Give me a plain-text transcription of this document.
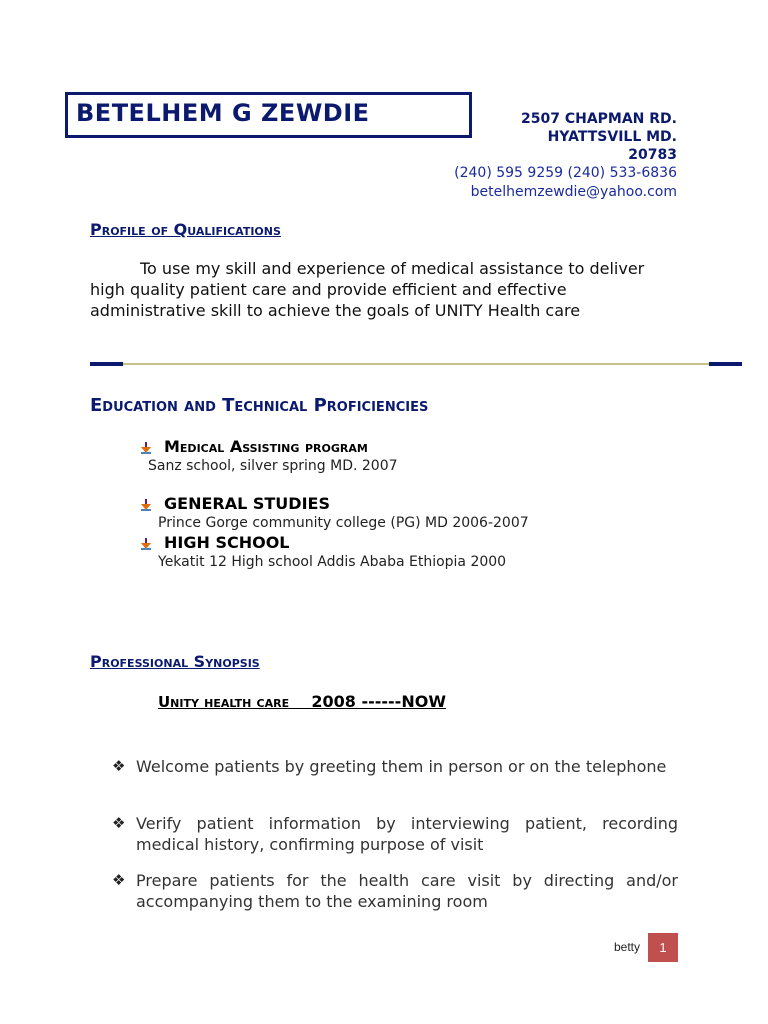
BETELHEM G ZEWDIE	2507 CHAPMAN RD.
HYATTSVILL MD.
20783
(240) 595 9259 (240) 533-6836
betelhemzewdie@yahoo.com
Profile of Qualifications
To use my skill and experience of medical assistance to deliver high quality patient care and provide efficient and effective administrative skill to achieve the goals of UNITY Health care
Education and Technical Proficiencies
Medical Assisting program
Sanz school, silver spring MD. 2007
GENERAL STUDIES
Prince Gorge community college (PG) MD 2006-2007
HIGH SCHOOL
Yekatit 12 High school Addis Ababa Ethiopia 2000
Professional Synopsis
Unity health care 2008 ------NOW
❖ Welcome patients by greeting them in person or on the telephone
❖ Verify patient information by interviewing patient, recording medical history, confirming purpose of visit
❖ Prepare patients for the health care visit by directing and/or accompanying them to the examining room
betty	1
